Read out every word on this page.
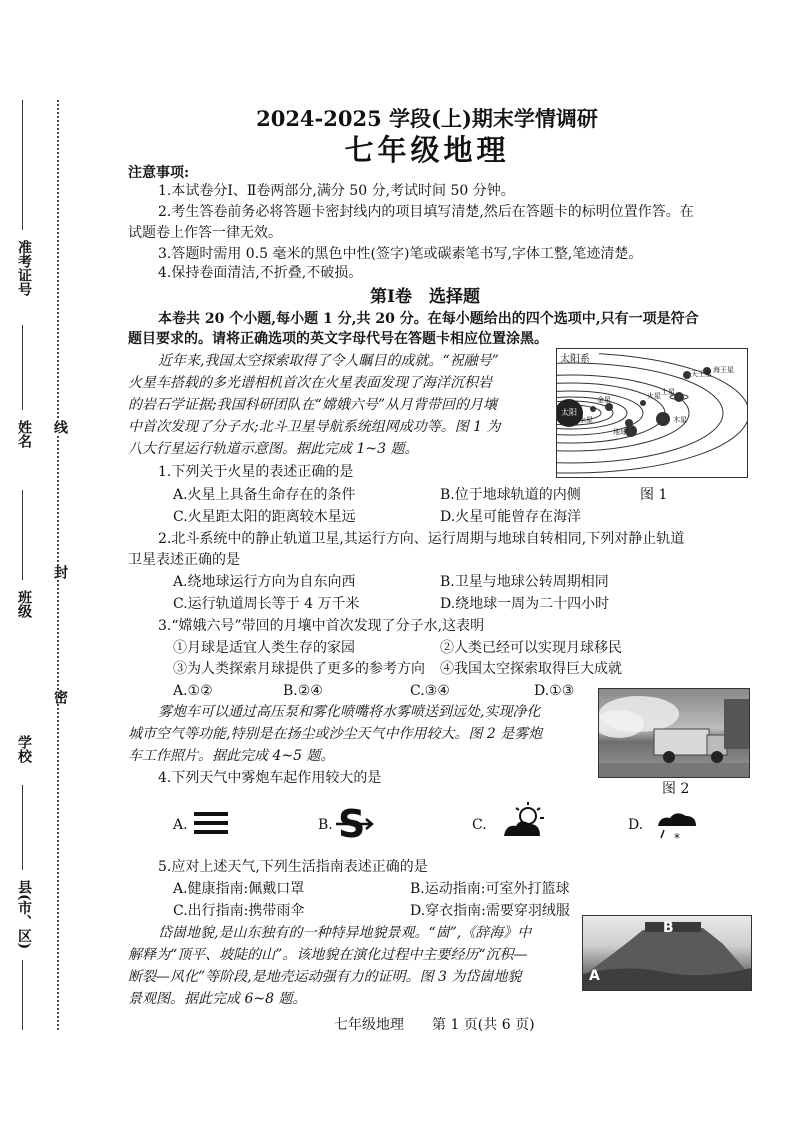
准考证号
姓名 线
班级
封
密
学校
县(市、区)
2024-2025 学段(上)期末学情调研
七年级地理
注意事项:
1.本试卷分Ⅰ、Ⅱ卷两部分,满分 50 分,考试时间 50 分钟。
2.考生答卷前务必将答题卡密封线内的项目填写清楚,然后在答题卡的标明位置作答。在
试题卷上作答一律无效。
3.答题时需用 0.5 毫米的黑色中性(签字)笔或碳素笔书写,字体工整,笔迹清楚。
4.保持卷面清洁,不折叠,不破损。
第Ⅰ卷　选择题
本卷共 20 个小题,每小题 1 分,共 20 分。在每小题给出的四个选项中,只有一项是符合
题目要求的。请将正确选项的英文字母代号在答题卡相应位置涂黑。
近年来,我国太空探索取得了令人瞩目的成就。“祝融号”
火星车搭载的多光谱相机首次在火星表面发现了海洋沉积岩
的岩石学证据;我国科研团队在“嫦娥六号”从月背带回的月壤
中首次发现了分子水;北斗卫星导航系统组网成功等。图 1 为
八大行星运行轨道示意图。据此完成 1~3 题。
太阳系
太阳
水星
金星
地球
火星
木星
土星
天王星 海王星
1.下列关于火星的表述正确的是
A.火星上具备生命存在的条件	B.位于地球轨道的内侧	图 1
C.火星距太阳的距离较木星远	D.火星可能曾存在海洋
2.北斗系统中的静止轨道卫星,其运行方向、运行周期与地球自转相同,下列对静止轨道
卫星表述正确的是
A.绕地球运行方向为自东向西	B.卫星与地球公转周期相同
C.运行轨道周长等于 4 万千米	D.绕地球一周为二十四小时
3.“嫦娥六号”带回的月壤中首次发现了分子水,这表明
①月球是适宜人类生存的家园	②人类已经可以实现月球移民
③为人类探索月球提供了更多的参考方向 ④我国太空探索取得巨大成就
A.①②	B.②④	C.③④	D.①③
雾炮车可以通过高压泵和雾化喷嘴将水雾喷送到远处,实现净化
城市空气等功能,特别是在扬尘或沙尘天气中作用较大。图 2 是雾炮
车工作照片。据此完成 4~5 题。
图 2
4.下列天气中雾炮车起作用较大的是
A.	B. S	C.	D.
*
5.应对上述天气,下列生活指南表述正确的是
A.健康指南:佩戴口罩	B.运动指南:可室外打篮球
C.出行指南:携带雨伞	D.穿衣指南:需要穿羽绒服
岱崮地貌,是山东独有的一种特异地貌景观。“崮”,《辞海》中
解释为“顶平、坡陡的山”。该地貌在演化过程中主要经历“沉积—
断裂—风化”等阶段,是地壳运动强有力的证明。图 3 为岱崮地貌
景观图。据此完成 6~8 题。
B
A
七年级地理　　第 1 页(共 6 页)
